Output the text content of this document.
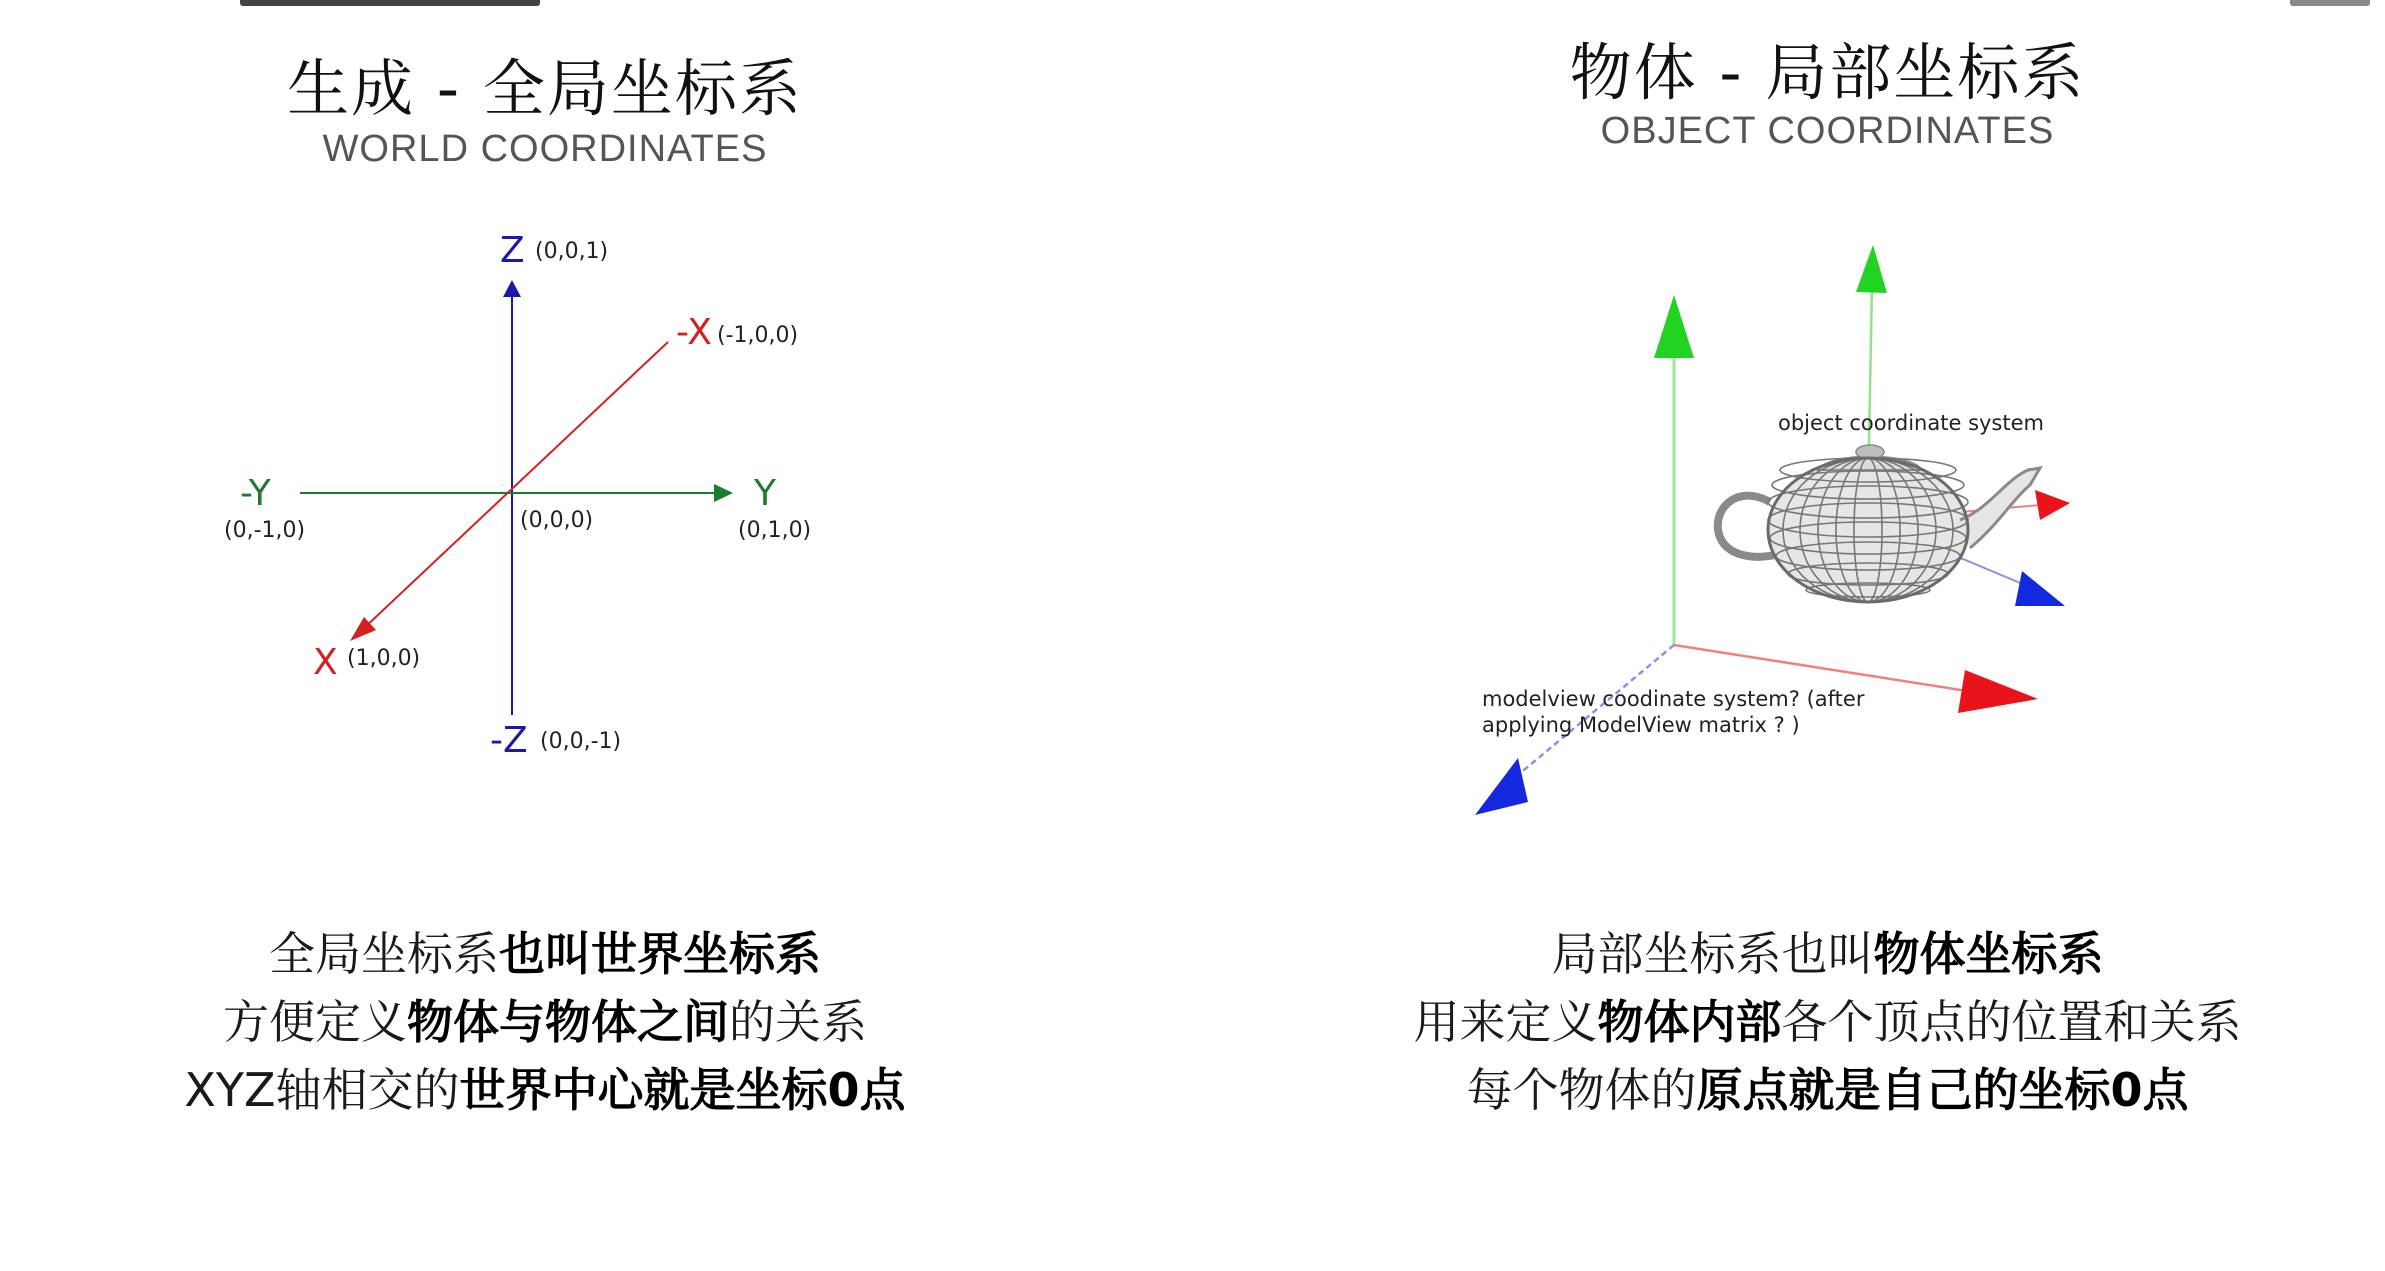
生成 - 全局坐标系
WORLD COORDINATES
Z (0,0,1)
-X (-1,0,0)
-Y
(0,-1,0)
Y
(0,1,0)
(0,0,0)
X (1,0,0)
-Z (0,0,-1)
全局坐标系也叫世界坐标系
方便定义物体与物体之间的关系
XYZ轴相交的世界中心就是坐标0点
物体 - 局部坐标系
OBJECT COORDINATES
object coordinate system
modelview coodinate system? (after
applying ModelView matrix ? )
局部坐标系也叫物体坐标系
用来定义物体内部各个顶点的位置和关系
每个物体的原点就是自己的坐标0点
